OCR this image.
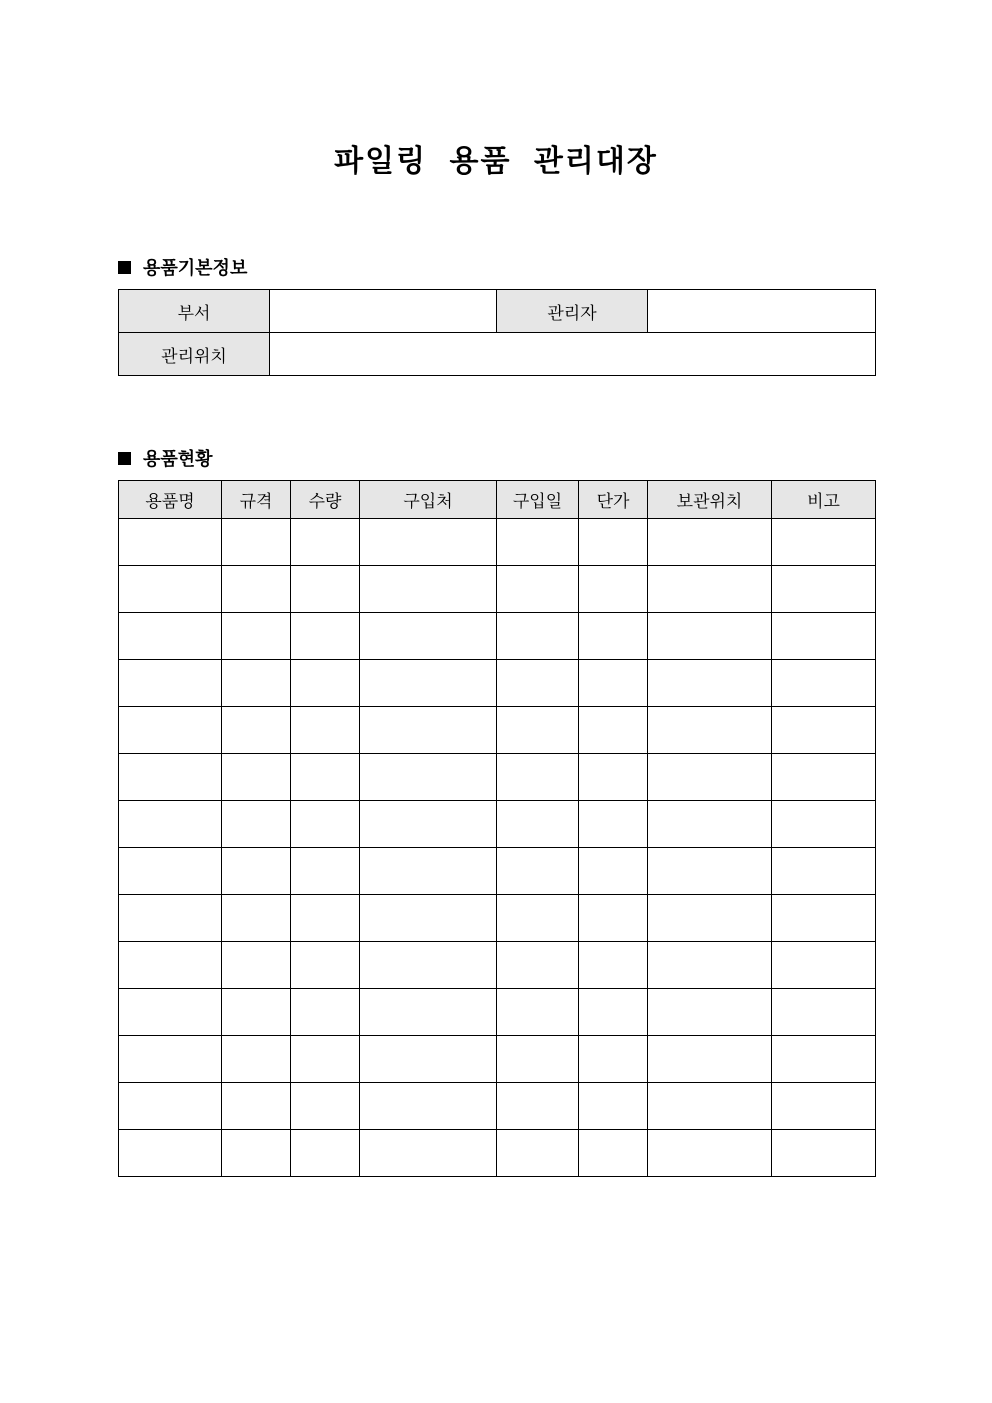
파일링 용품 관리대장
용품기본정보
부서		관리자	
관리위치			
용품현황
용품명	규격	수량	구입처	구입일	단가	보관위치	비고
